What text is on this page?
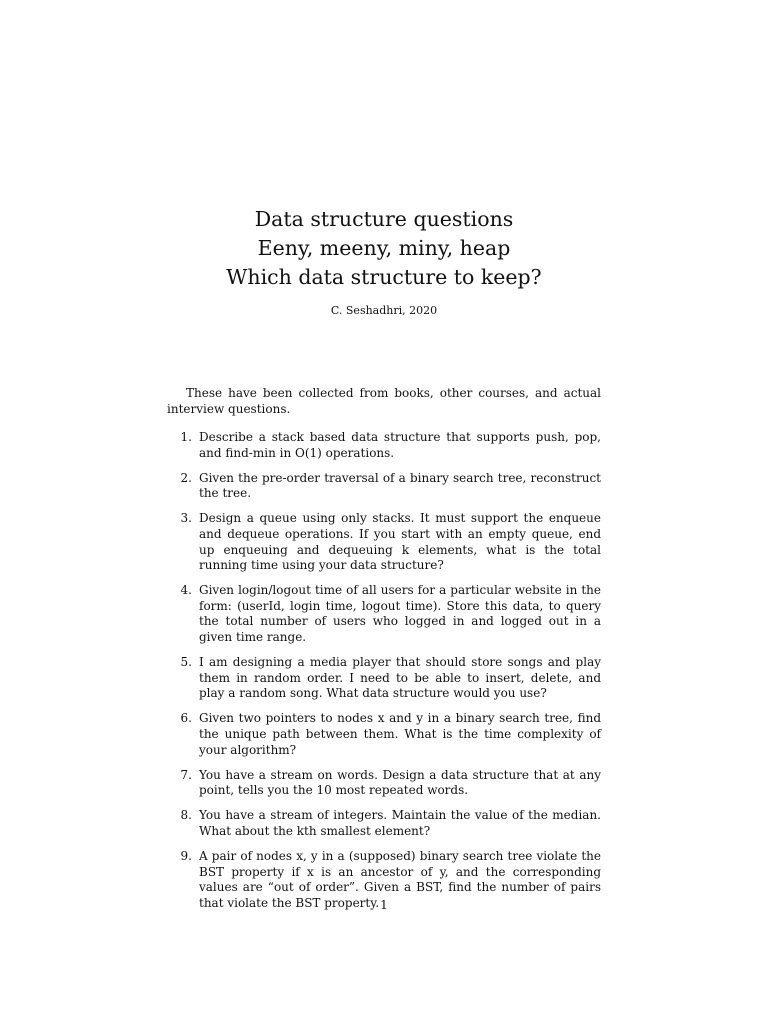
Data structure questions
Eeny, meeny, miny, heap
Which data structure to keep?
C. Seshadhri, 2020

These have been collected from books, other courses, and actual interview questions.

1. Describe a stack based data structure that supports push, pop, and find-min in O(1) operations.
2. Given the pre-order traversal of a binary search tree, reconstruct the tree.
3. Design a queue using only stacks. It must support the enqueue and dequeue operations. If you start with an empty queue, end up enqueuing and dequeuing k elements, what is the total running time using your data structure?
4. Given login/logout time of all users for a particular website in the form: (userId, login time, logout time). Store this data, to query the total number of users who logged in and logged out in a given time range.
5. I am designing a media player that should store songs and play them in random order. I need to be able to insert, delete, and play a random song. What data structure would you use?
6. Given two pointers to nodes x and y in a binary search tree, find the unique path between them. What is the time complexity of your algorithm?
7. You have a stream on words. Design a data structure that at any point, tells you the 10 most repeated words.
8. You have a stream of integers. Maintain the value of the median. What about the kth smallest element?
9. A pair of nodes x, y in a (supposed) binary search tree violate the BST property if x is an ancestor of y, and the corresponding values are “out of order”. Given a BST, find the number of pairs that violate the BST property. 1
